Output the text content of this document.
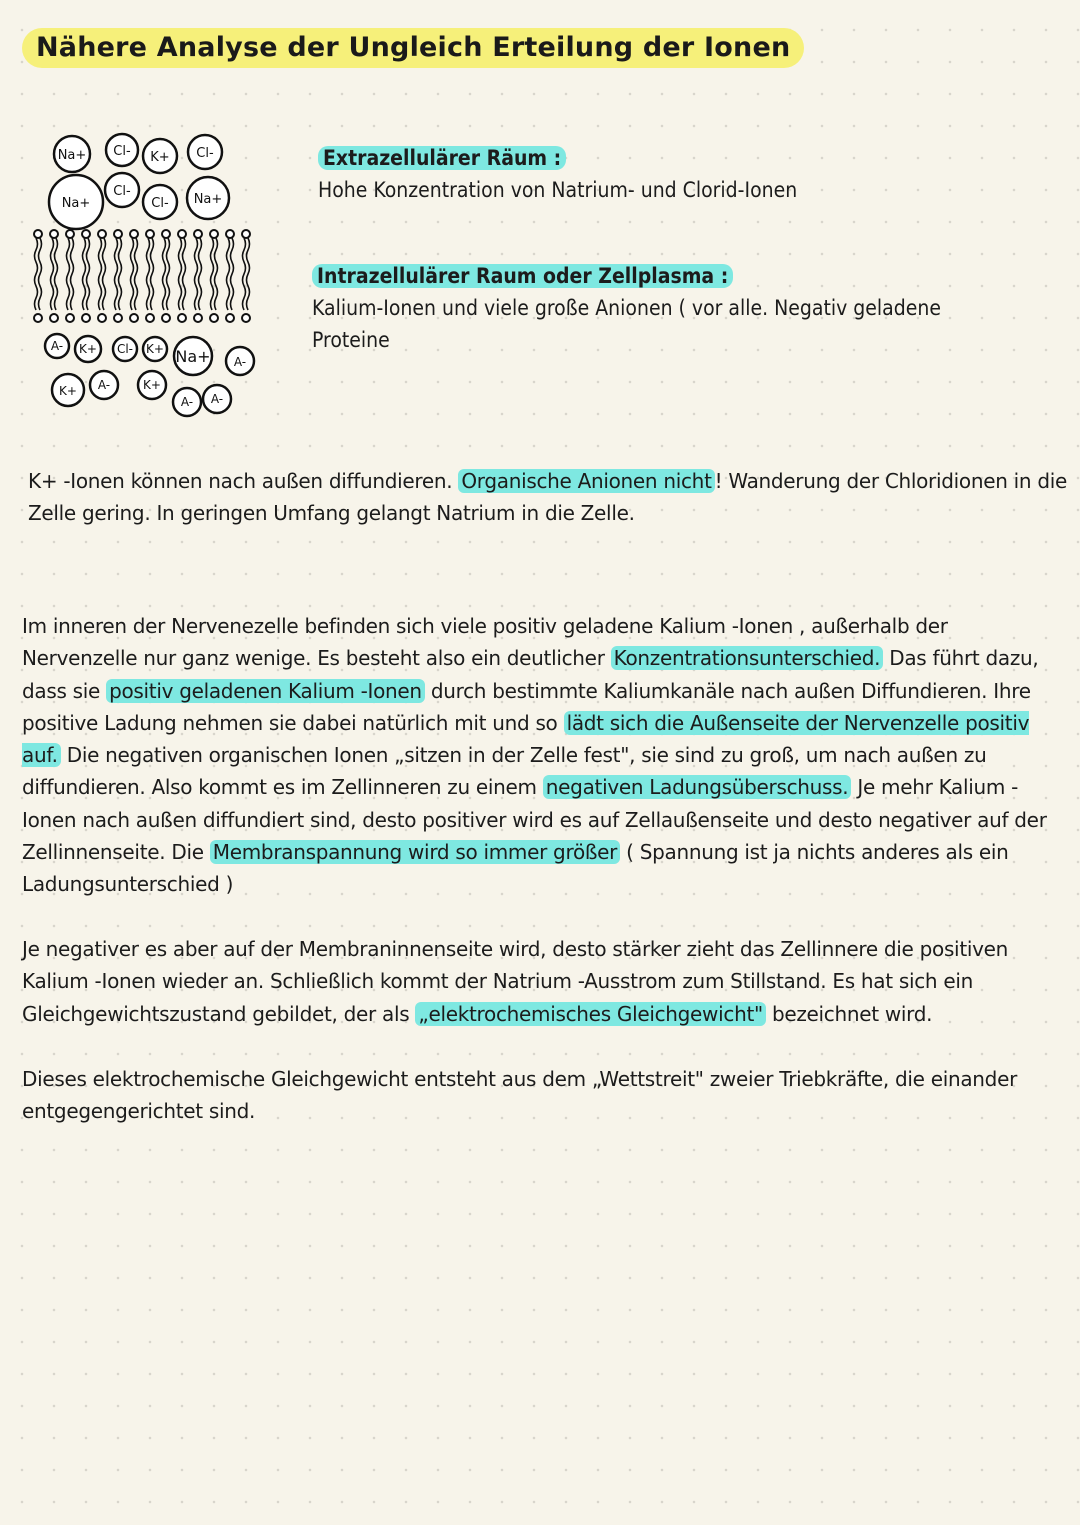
Nähere Analyse der Ungleich Erteilung der Ionen
Na+ Cl- K+ Cl-
Na+
Cl-
Cl- Na+
A- K+ Cl- K+ Na+ A-
K+ A-	K+
A- A-
Extrazellulärer Räum :
Hohe Konzentration von Natrium- und Clorid-Ionen
Intrazellulärer Raum oder Zellplasma :
Kalium-Ionen und viele große Anionen ( vor alle. Negativ geladene
Proteine
K+ -Ionen können nach außen diffundieren. Organische Anionen nicht ! Wanderung der Chloridionen in die Zelle gering. In geringen Umfang gelangt Natrium in die Zelle.
Im inneren der Nervenezelle befinden sich viele positiv geladene Kalium -Ionen , außerhalb der Nervenzelle nur ganz wenige. Es besteht also ein deutlicher Konzentrationsunterschied. Das führt dazu, dass sie positiv geladenen Kalium -Ionen durch bestimmte Kaliumkanäle nach außen Diffundieren. Ihre positive Ladung nehmen sie dabei natürlich mit und so lädt sich die Außenseite der Nervenzelle positiv auf. Die negativen organischen Ionen „sitzen in der Zelle fest", sie sind zu groß, um nach außen zu diffundieren. Also kommt es im Zellinneren zu einem negativen Ladungsüberschuss. Je mehr Kalium -Ionen nach außen diffundiert sind, desto positiver wird es auf Zellaußenseite und desto negativer auf der Zellinnenseite. Die Membranspannung wird so immer größer ( Spannung ist ja nichts anderes als ein Ladungsunterschied )
Je negativer es aber auf der Membraninnenseite wird, desto stärker zieht das Zellinnere die positiven Kalium -Ionen wieder an. Schließlich kommt der Natrium -Ausstrom zum Stillstand. Es hat sich ein Gleichgewichtszustand gebildet, der als „elektrochemisches Gleichgewicht" bezeichnet wird.
Dieses elektrochemische Gleichgewicht entsteht aus dem „Wettstreit" zweier Triebkräfte, die einander entgegengerichtet sind.
